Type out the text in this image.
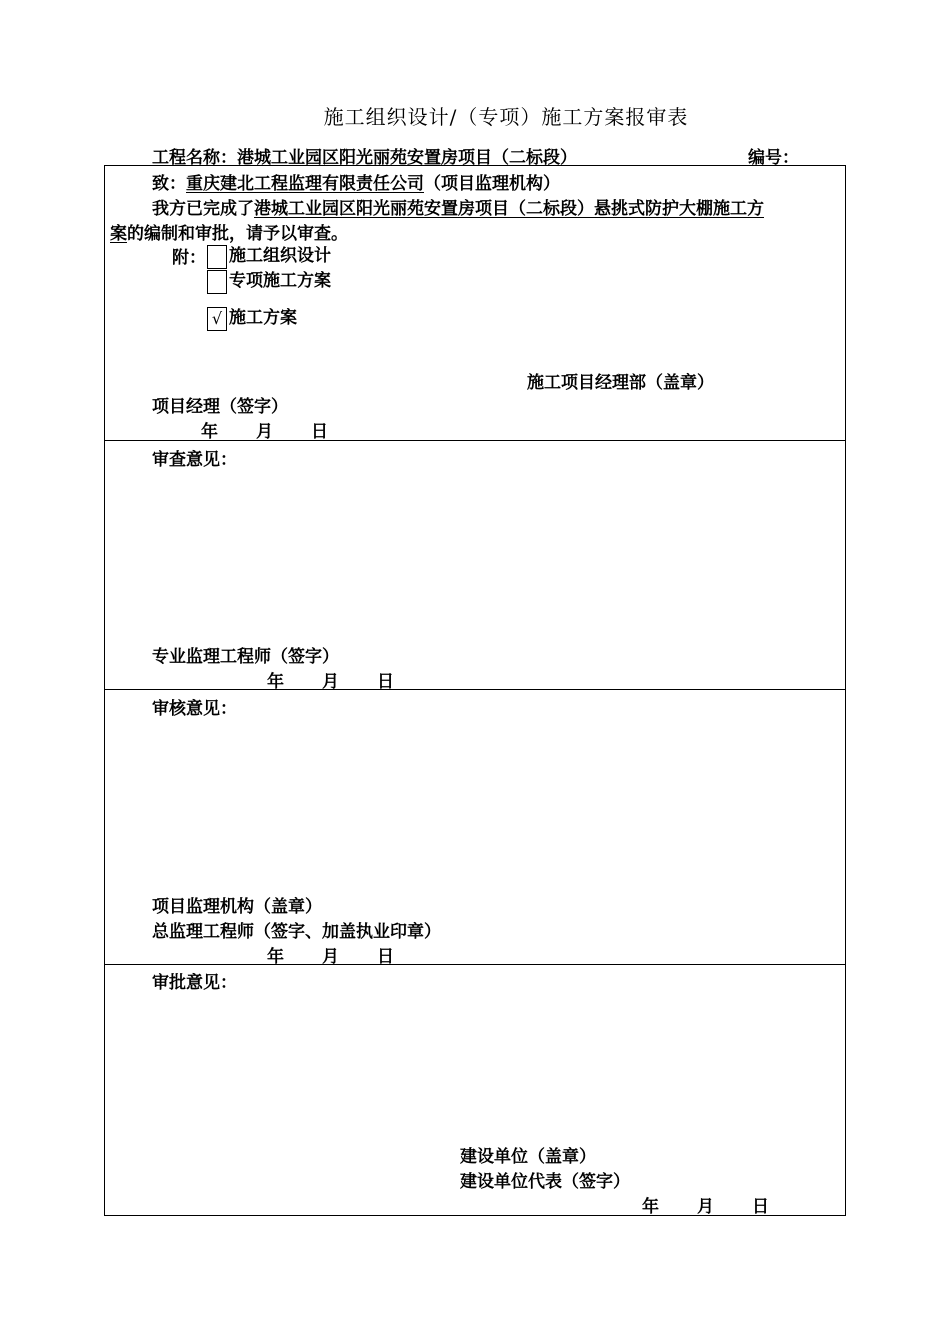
施工组织设计/（专项）施工方案报审表
工程名称：港城工业园区阳光丽苑安置房项目（二标段）	编号：
致：重庆建北工程监理有限责任公司（项目监理机构）
我方已完成了港城工业园区阳光丽苑安置房项目（二标段）悬挑式防护大棚施工方
案的编制和审批，请予以审查。
附：	施工组织设计
专项施工方案
√ 施工方案
施工项目经理部（盖章）
项目经理（签字）
年 月 日
审查意见：
专业监理工程师（签字）
年 月 日
审核意见：
项目监理机构（盖章）
总监理工程师（签字、加盖执业印章）
年 月 日
审批意见：
建设单位（盖章）
建设单位代表（签字）
年 月 日
